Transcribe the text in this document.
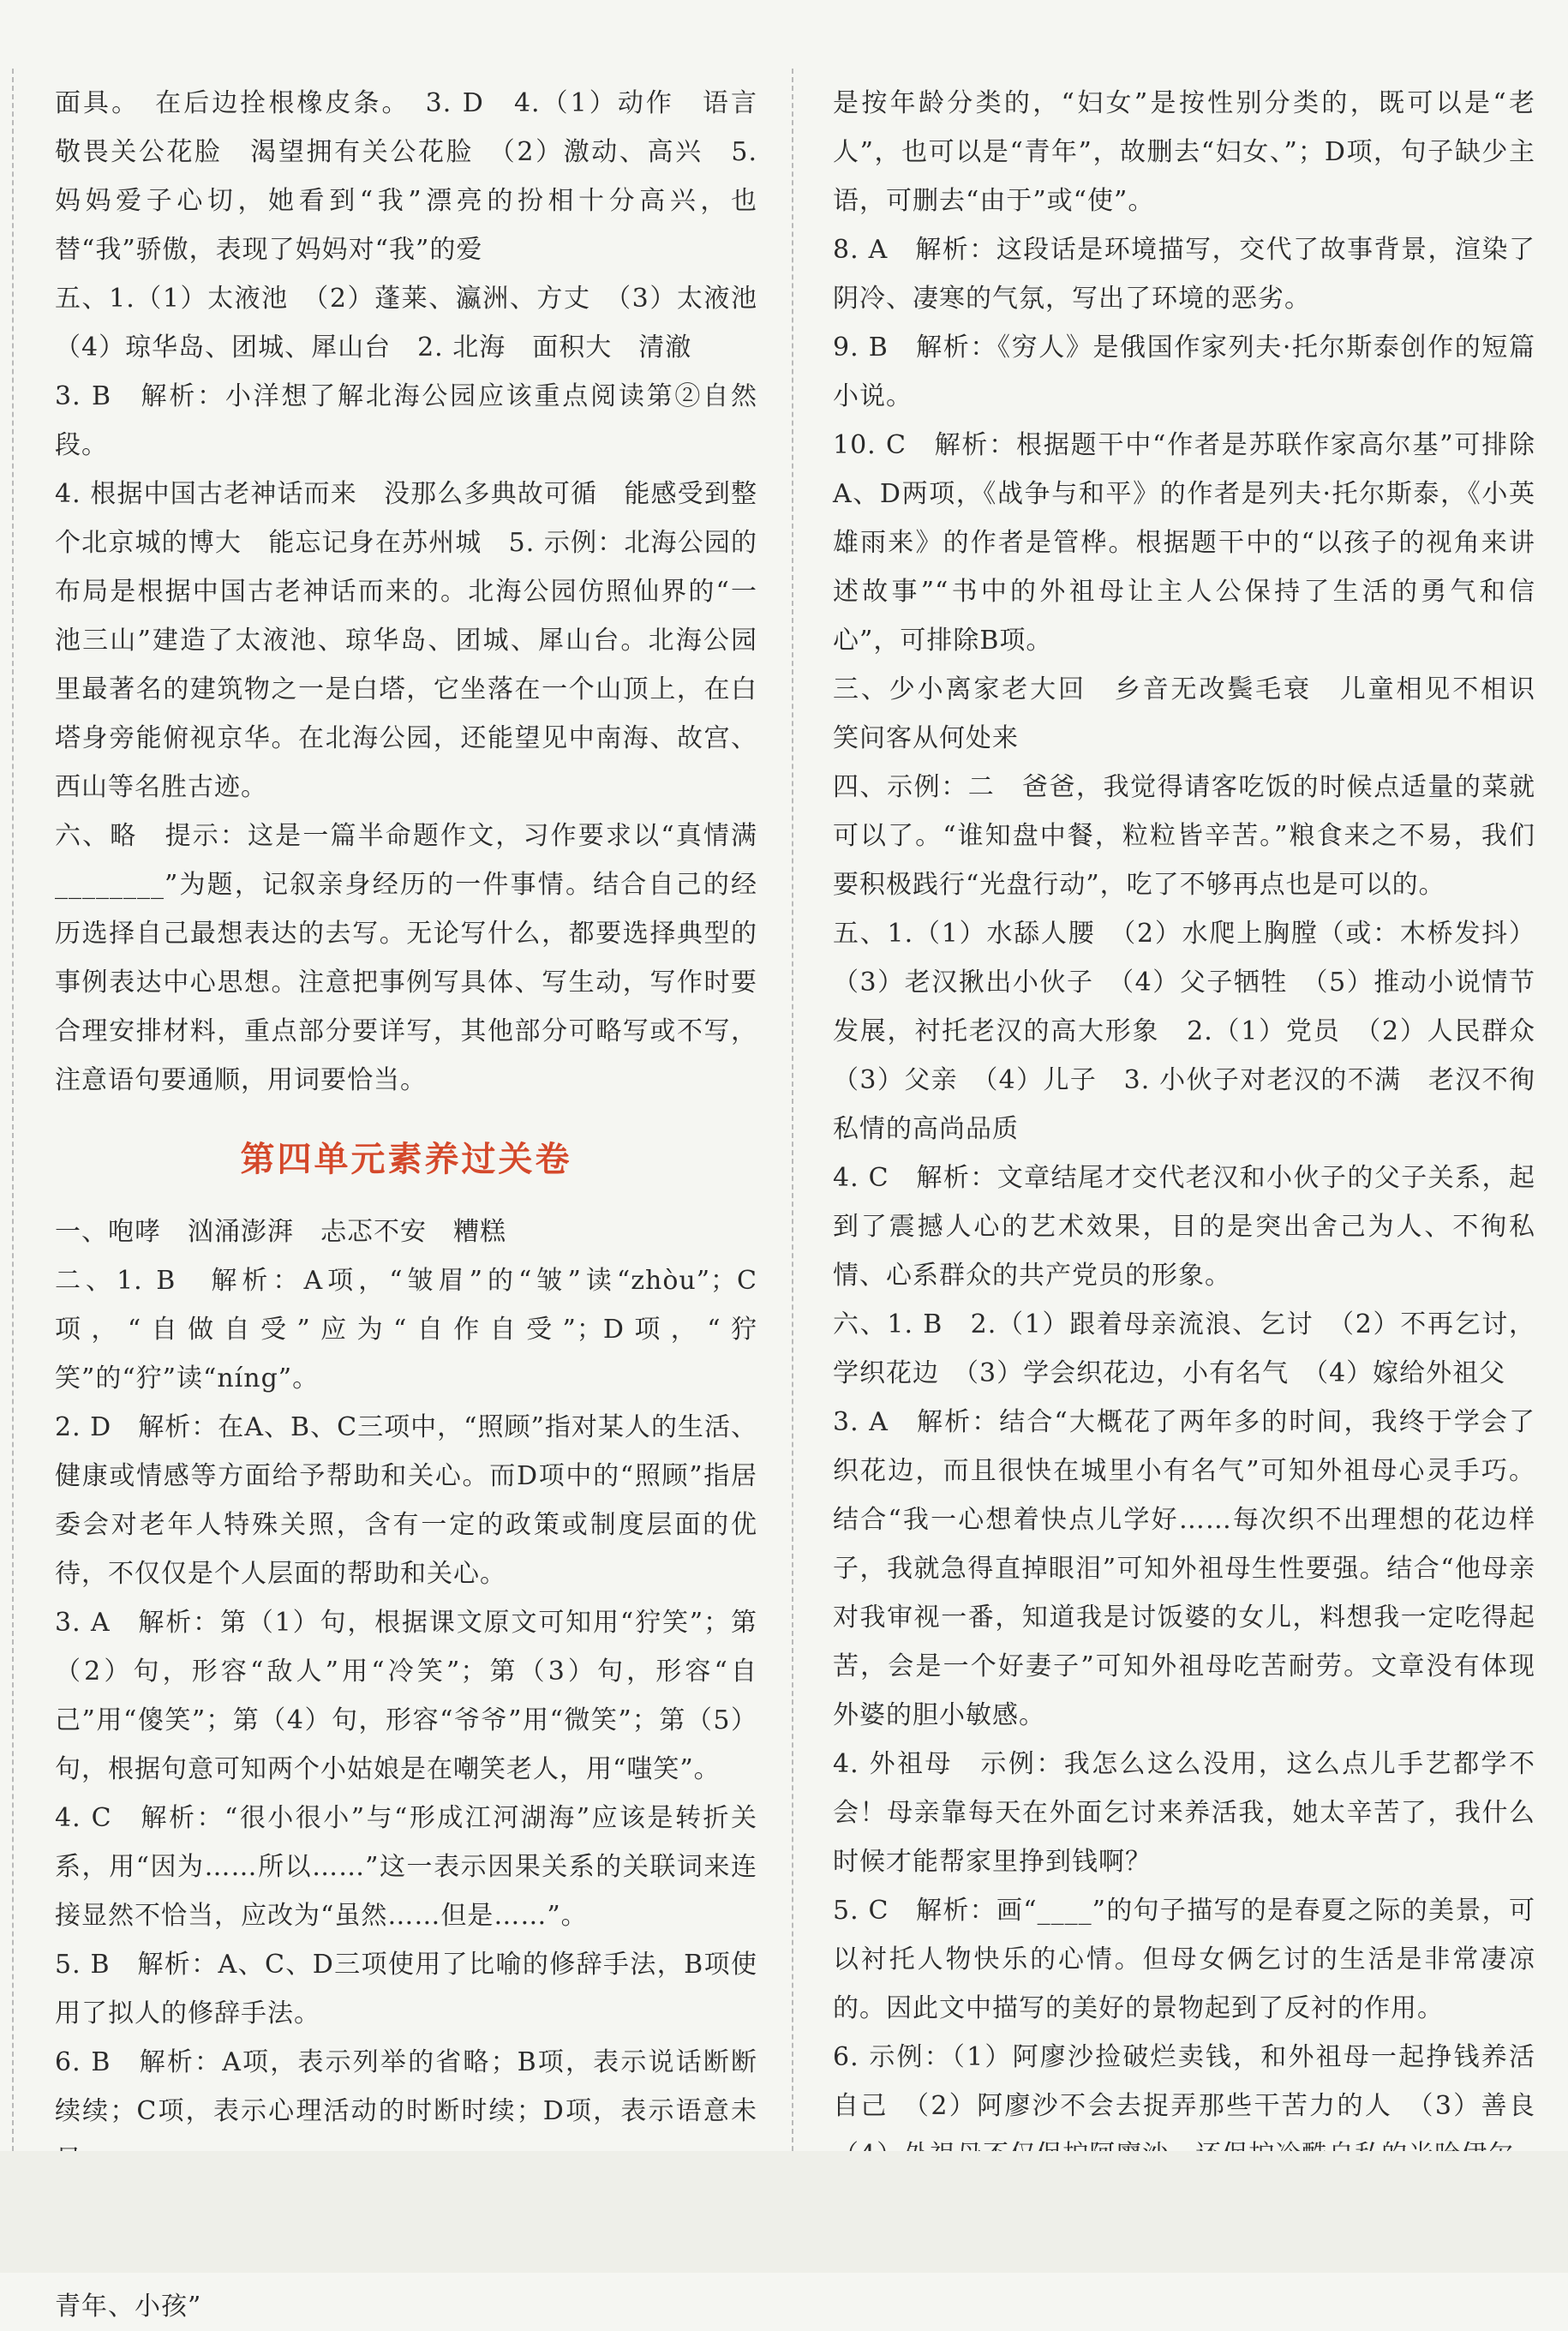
面具。　在后边拴根橡皮条。　3. D　4.（1）动作　语言　敬畏关公花脸　渴望拥有关公花脸　（2）激动、高兴　5. 妈妈爱子心切，她看到“我”漂亮的扮相十分高兴，也替“我”骄傲，表现了妈妈对“我”的爱

五、1.（1）太液池　（2）蓬莱、瀛洲、方丈　（3）太液池　（4）琼华岛、团城、犀山台　2. 北海　面积大　清澈

3. B　解析：小洋想了解北海公园应该重点阅读第②自然段。

4. 根据中国古老神话而来　没那么多典故可循　能感受到整个北京城的博大　能忘记身在苏州城　5. 示例：北海公园的布局是根据中国古老神话而来的。北海公园仿照仙界的“一池三山”建造了太液池、琼华岛、团城、犀山台。北海公园里最著名的建筑物之一是白塔，它坐落在一个山顶上，在白塔身旁能俯视京华。在北海公园，还能望见中南海、故宫、西山等名胜古迹。

六、略　提示：这是一篇半命题作文，习作要求以“真情满________”为题，记叙亲身经历的一件事情。结合自己的经历选择自己最想表达的去写。无论写什么，都要选择典型的事例表达中心思想。注意把事例写具体、写生动，写作时要合理安排材料，重点部分要详写，其他部分可略写或不写，注意语句要通顺，用词要恰当。

第四单元素养过关卷

一、咆哮　汹涌澎湃　忐忑不安　糟糕

二、1. B　解析：A项，“皱眉”的“皱”读“zhòu”；C项，“自做自受”应为“自作自受”；D项，“狞笑”的“狞”读“níng”。

2. D　解析：在A、B、C三项中，“照顾”指对某人的生活、健康或情感等方面给予帮助和关心。而D项中的“照顾”指居委会对老年人特殊关照，含有一定的政策或制度层面的优待，不仅仅是个人层面的帮助和关心。

3. A　解析：第（1）句，根据课文原文可知用“狞笑”；第（2）句，形容“敌人”用“冷笑”；第（3）句，形容“自己”用“傻笑”；第（4）句，形容“爷爷”用“微笑”；第（5）句，根据句意可知两个小姑娘是在嘲笑老人，用“嗤笑”。

4. C　解析：“很小很小”与“形成江河湖海”应该是转折关系，用“因为……所以……”这一表示因果关系的关联词来连接显然不恰当，应改为“虽然……但是……”。

5. B　解析：A、C、D三项使用了比喻的修辞手法，B项使用了拟人的修辞手法。

6. B　解析：A项，表示列举的省略；B项，表示说话断断续续；C项，表示心理活动的时断时续；D项，表示语意未

　青年、小孩”

是按年龄分类的，“妇女”是按性别分类的，既可以是“老人”，也可以是“青年”，故删去“妇女、”；D项，句子缺少主语，可删去“由于”或“使”。

8. A　解析：这段话是环境描写，交代了故事背景，渲染了阴冷、凄寒的气氛，写出了环境的恶劣。

9. B　解析：《穷人》是俄国作家列夫·托尔斯泰创作的短篇小说。

10. C　解析：根据题干中“作者是苏联作家高尔基”可排除A、D两项，《战争与和平》的作者是列夫·托尔斯泰，《小英雄雨来》的作者是管桦。根据题干中的“以孩子的视角来讲述故事”“书中的外祖母让主人公保持了生活的勇气和信心”，可排除B项。

三、少小离家老大回　乡音无改鬓毛衰　儿童相见不相识　笑问客从何处来

四、示例：二　爸爸，我觉得请客吃饭的时候点适量的菜就可以了。“谁知盘中餐，粒粒皆辛苦。”粮食来之不易，我们要积极践行“光盘行动”，吃了不够再点也是可以的。

五、1.（1）水舔人腰　（2）水爬上胸膛（或：木桥发抖）（3）老汉揪出小伙子　（4）父子牺牲　（5）推动小说情节发展，衬托老汉的高大形象　2.（1）党员　（2）人民群众（3）父亲　（4）儿子　3. 小伙子对老汉的不满　老汉不徇私情的高尚品质

4. C　解析：文章结尾才交代老汉和小伙子的父子关系，起到了震撼人心的艺术效果，目的是突出舍己为人、不徇私情、心系群众的共产党员的形象。

六、1. B　2.（1）跟着母亲流浪、乞讨　（2）不再乞讨，学织花边　（3）学会织花边，小有名气　（4）嫁给外祖父

3. A　解析：结合“大概花了两年多的时间，我终于学会了织花边，而且很快在城里小有名气”可知外祖母心灵手巧。结合“我一心想着快点儿学好……每次织不出理想的花边样子，我就急得直掉眼泪”可知外祖母生性要强。结合“他母亲对我审视一番，知道我是讨饭婆的女儿，料想我一定吃得起苦，会是一个好妻子”可知外祖母吃苦耐劳。文章没有体现外婆的胆小敏感。

4. 外祖母　示例：我怎么这么没用，这么点儿手艺都学不会！母亲靠每天在外面乞讨来养活我，她太辛苦了，我什么时候才能帮家里挣到钱啊？

5. C　解析：画“____”的句子描写的是春夏之际的美景，可以衬托人物快乐的心情。但母女俩乞讨的生活是非常凄凉的。因此文中描写的美好的景物起到了反衬的作用。

6. 示例：（1）阿廖沙捡破烂卖钱，和外祖母一起挣钱养活自己　（2）阿廖沙不会去捉弄那些干苦力的人　（3）善良　
